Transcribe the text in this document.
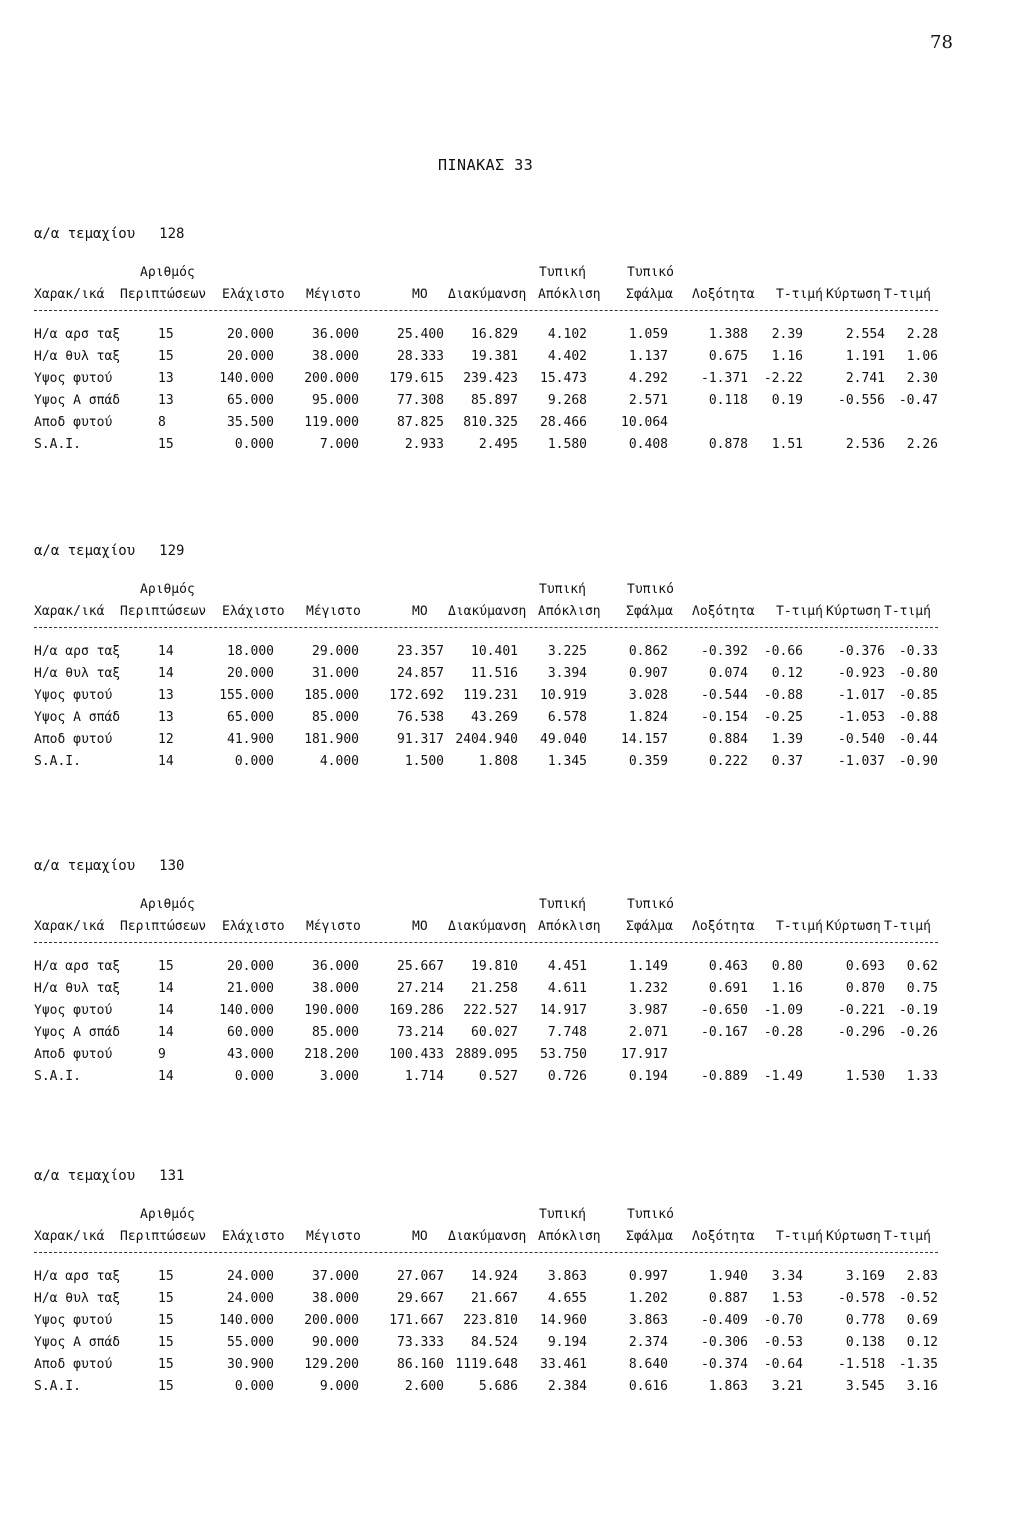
78
ΠΙΝΑΚΑΣ 33
α/α τεμαχίου 128
Αριθμός	Τυπική	Τυπικό
Χαρακ/ικά Περιπτώσεων Ελάχιστο Μέγιστο	ΜΟ Διακύμανση Απόκλιση Σφάλμα Λοξότητα Τ-τιμή Κύρτωση Τ-τιμή
Η/α αρσ ταξ	15	20.000	36.000	25.400 16.829 4.102	1.059	1.388 2.39	2.554 2.28
Η/α θυλ ταξ	15	20.000	38.000	28.333 19.381 4.402	1.137	0.675 1.16	1.191 1.06
Υψος φυτού	13	140.000 200.000 179.615 239.423 15.473	4.292	-1.371 -2.22	2.741 2.30
Υψος Α σπάδ	13	65.000	95.000	77.308 85.897 9.268	2.571	0.118 0.19	-0.556 -0.47
Αποδ φυτού	8	35.500 119.000	87.825 810.325 28.466	10.064
S.A.I.	15	0.000	7.000	2.933	2.495 1.580	0.408	0.878 1.51	2.536 2.26
α/α τεμαχίου 129
Αριθμός	Τυπική	Τυπικό
Χαρακ/ικά Περιπτώσεων Ελάχιστο Μέγιστο	ΜΟ Διακύμανση Απόκλιση Σφάλμα Λοξότητα Τ-τιμή Κύρτωση Τ-τιμή
Η/α αρσ ταξ	14	18.000	29.000	23.357 10.401 3.225	0.862	-0.392 -0.66	-0.376 -0.33
Η/α θυλ ταξ	14	20.000	31.000	24.857 11.516 3.394	0.907	0.074 0.12	-0.923 -0.80
Υψος φυτού	13	155.000 185.000 172.692 119.231 10.919	3.028	-0.544 -0.88	-1.017 -0.85
Υψος Α σπάδ	13	65.000	85.000	76.538 43.269 6.578	1.824	-0.154 -0.25	-1.053 -0.88
Αποδ φυτού	12	41.900 181.900	91.317 2404.940 49.040	14.157	0.884 1.39	-0.540 -0.44
S.A.I.	14	0.000	4.000	1.500	1.808 1.345	0.359	0.222 0.37	-1.037 -0.90
α/α τεμαχίου 130
Αριθμός	Τυπική	Τυπικό
Χαρακ/ικά Περιπτώσεων Ελάχιστο Μέγιστο	ΜΟ Διακύμανση Απόκλιση Σφάλμα Λοξότητα Τ-τιμή Κύρτωση Τ-τιμή
Η/α αρσ ταξ	15	20.000	36.000	25.667 19.810 4.451	1.149	0.463 0.80	0.693 0.62
Η/α θυλ ταξ	14	21.000	38.000	27.214 21.258 4.611	1.232	0.691 1.16	0.870 0.75
Υψος φυτού	14	140.000 190.000 169.286 222.527 14.917	3.987	-0.650 -1.09	-0.221 -0.19
Υψος Α σπάδ	14	60.000	85.000	73.214 60.027 7.748	2.071	-0.167 -0.28	-0.296 -0.26
Αποδ φυτού	9	43.000 218.200 100.433 2889.095 53.750	17.917
S.A.I.	14	0.000	3.000	1.714	0.527 0.726	0.194	-0.889 -1.49	1.530 1.33
α/α τεμαχίου 131
Αριθμός	Τυπική	Τυπικό
Χαρακ/ικά Περιπτώσεων Ελάχιστο Μέγιστο	ΜΟ Διακύμανση Απόκλιση Σφάλμα Λοξότητα Τ-τιμή Κύρτωση Τ-τιμή
Η/α αρσ ταξ	15	24.000	37.000	27.067 14.924 3.863	0.997	1.940 3.34	3.169 2.83
Η/α θυλ ταξ	15	24.000	38.000	29.667 21.667 4.655	1.202	0.887 1.53	-0.578 -0.52
Υψος φυτού	15	140.000 200.000 171.667 223.810 14.960	3.863	-0.409 -0.70	0.778 0.69
Υψος Α σπάδ	15	55.000	90.000	73.333 84.524 9.194	2.374	-0.306 -0.53	0.138 0.12
Αποδ φυτού	15	30.900 129.200	86.160 1119.648 33.461	8.640	-0.374 -0.64	-1.518 -1.35
S.A.I.	15	0.000	9.000	2.600	5.686 2.384	0.616	1.863 3.21	3.545 3.16
